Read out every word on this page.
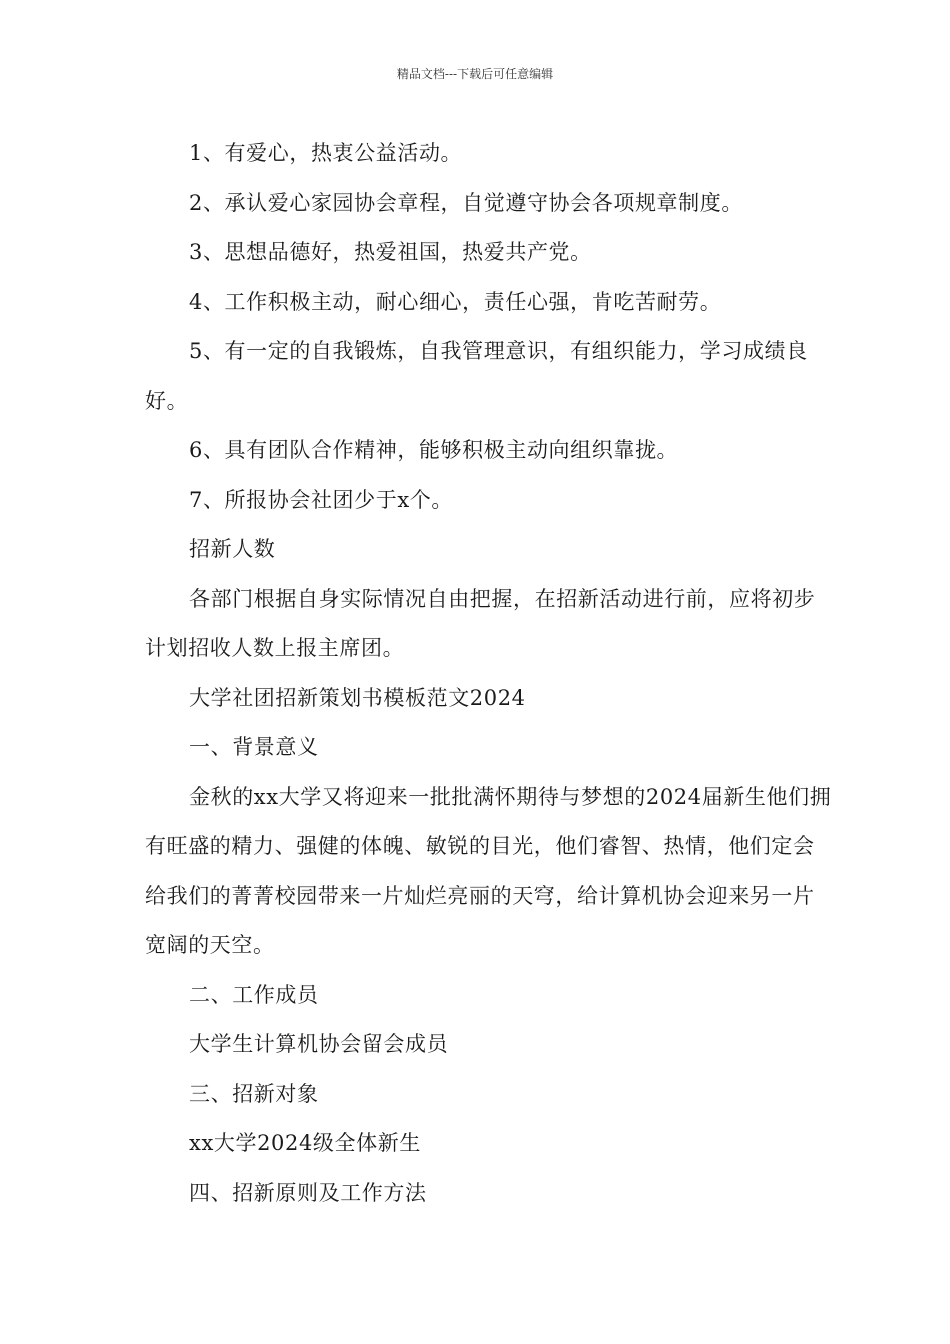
精品文档---下载后可任意编辑

1、有爱心，热衷公益活动。

2、承认爱心家园协会章程，自觉遵守协会各项规章制度。

3、思想品德好，热爱祖国，热爱共产党。

4、工作积极主动，耐心细心，责任心强，肯吃苦耐劳。

5、有一定的自我锻炼，自我管理意识，有组织能力，学习成绩良好。

6、具有团队合作精神，能够积极主动向组织靠拢。

7、所报协会社团少于x个。

招新人数

各部门根据自身实际情况自由把握，在招新活动进行前，应将初步计划招收人数上报主席团。

大学社团招新策划书模板范文2024

一、背景意义

金秋的xx大学又将迎来一批批满怀期待与梦想的2024届新生他们拥有旺盛的精力、强健的体魄、敏锐的目光，他们睿智、热情，他们定会给我们的菁菁校园带来一片灿烂亮丽的天穹，给计算机协会迎来另一片宽阔的天空。

二、工作成员

大学生计算机协会留会成员

三、招新对象

xx大学2024级全体新生

四、招新原则及工作方法
